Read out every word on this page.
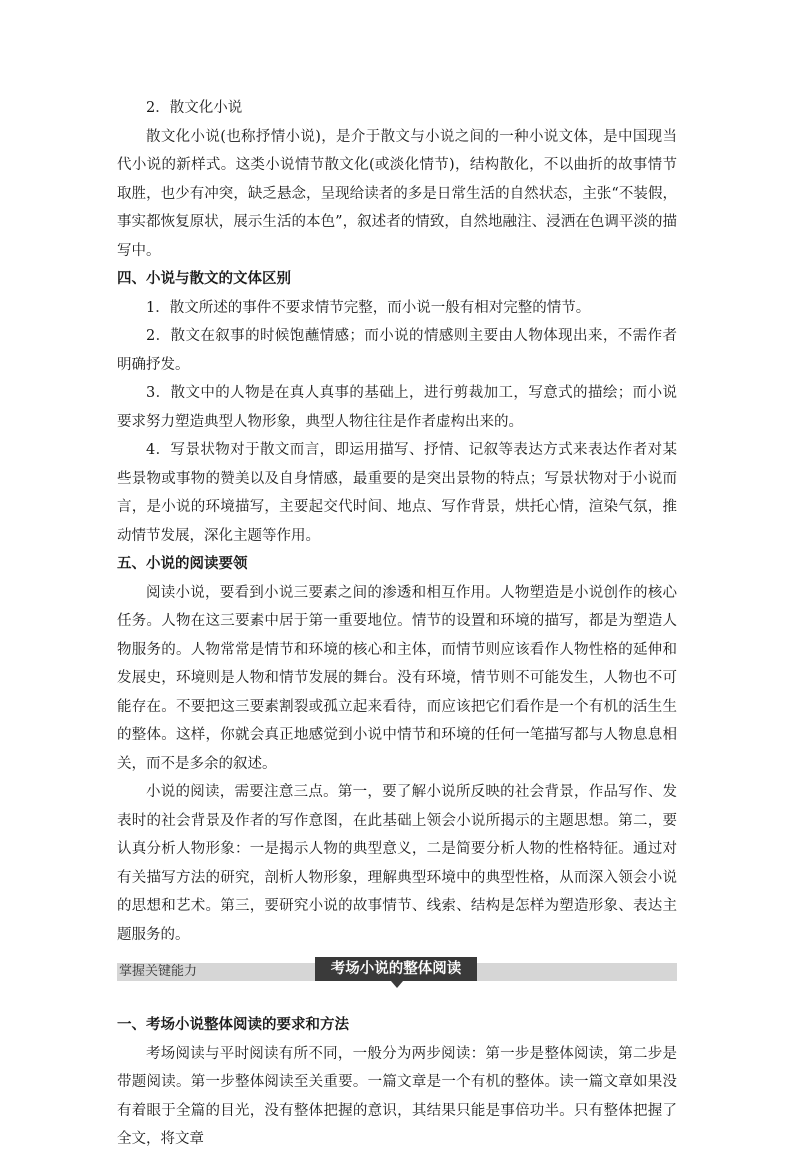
2．散文化小说

散文化小说(也称抒情小说)，是介于散文与小说之间的一种小说文体，是中国现当代小说的新样式。这类小说情节散文化(或淡化情节)，结构散化，不以曲折的故事情节取胜，也少有冲突，缺乏悬念，呈现给读者的多是日常生活的自然状态，主张“不装假，事实都恢复原状，展示生活的本色”，叙述者的情致，自然地融注、浸洒在色调平淡的描写中。

四、小说与散文的文体区别

1．散文所述的事件不要求情节完整，而小说一般有相对完整的情节。

2．散文在叙事的时候饱蘸情感；而小说的情感则主要由人物体现出来，不需作者明确抒发。

3．散文中的人物是在真人真事的基础上，进行剪裁加工，写意式的描绘；而小说要求努力塑造典型人物形象，典型人物往往是作者虚构出来的。

4．写景状物对于散文而言，即运用描写、抒情、记叙等表达方式来表达作者对某些景物或事物的赞美以及自身情感，最重要的是突出景物的特点；写景状物对于小说而言，是小说的环境描写，主要起交代时间、地点、写作背景，烘托心情，渲染气氛，推动情节发展，深化主题等作用。

五、小说的阅读要领

阅读小说，要看到小说三要素之间的渗透和相互作用。人物塑造是小说创作的核心任务。人物在这三要素中居于第一重要地位。情节的设置和环境的描写，都是为塑造人物服务的。人物常常是情节和环境的核心和主体，而情节则应该看作人物性格的延伸和发展史，环境则是人物和情节发展的舞台。没有环境，情节则不可能发生，人物也不可能存在。不要把这三要素割裂或孤立起来看待，而应该把它们看作是一个有机的活生生的整体。这样，你就会真正地感觉到小说中情节和环境的任何一笔描写都与人物息息相关，而不是多余的叙述。

小说的阅读，需要注意三点。第一，要了解小说所反映的社会背景，作品写作、发表时的社会背景及作者的写作意图，在此基础上领会小说所揭示的主题思想。第二，要认真分析人物形象：一是揭示人物的典型意义，二是简要分析人物的性格特征。通过对有关描写方法的研究，剖析人物形象，理解典型环境中的典型性格，从而深入领会小说的思想和艺术。第三，要研究小说的故事情节、线索、结构是怎样为塑造形象、表达主题服务的。

掌握关键能力	考场小说的整体阅读

一、考场小说整体阅读的要求和方法

考场阅读与平时阅读有所不同，一般分为两步阅读：第一步是整体阅读，第二步是带题阅读。第一步整体阅读至关重要。一篇文章是一个有机的整体。读一篇文章如果没有着眼于全篇的目光，没有整体把握的意识，其结果只能是事倍功半。只有整体把握了全文，将文章
